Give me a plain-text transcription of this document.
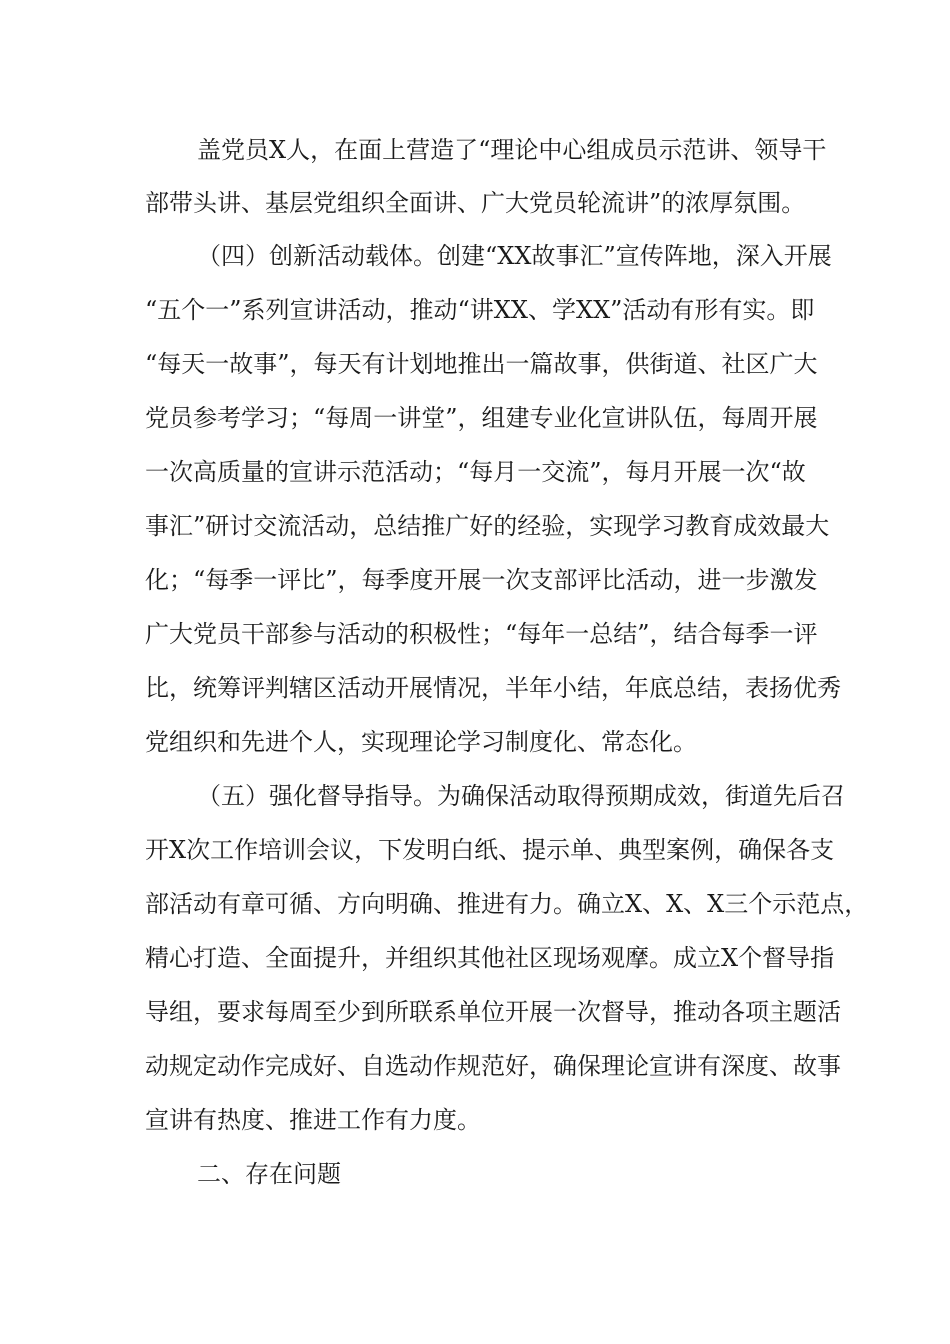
盖党员X人，在面上营造了“理论中心组成员示范讲、领导干
部带头讲、基层党组织全面讲、广大党员轮流讲”的浓厚氛围。
（四）创新活动载体。创建“XX故事汇”宣传阵地，深入开展
“五个一”系列宣讲活动，推动“讲XX、学XX”活动有形有实。即
“每天一故事”，每天有计划地推出一篇故事，供街道、社区广大
党员参考学习；“每周一讲堂”，组建专业化宣讲队伍，每周开展
一次高质量的宣讲示范活动；“每月一交流”，每月开展一次“故
事汇”研讨交流活动，总结推广好的经验，实现学习教育成效最大
化；“每季一评比”，每季度开展一次支部评比活动，进一步激发
广大党员干部参与活动的积极性；“每年一总结”，结合每季一评
比，统筹评判辖区活动开展情况，半年小结，年底总结，表扬优秀
党组织和先进个人，实现理论学习制度化、常态化。
（五）强化督导指导。为确保活动取得预期成效，街道先后召
开X次工作培训会议，下发明白纸、提示单、典型案例，确保各支
部活动有章可循、方向明确、推进有力。确立X、X、X三个示范点，
精心打造、全面提升，并组织其他社区现场观摩。成立X个督导指
导组，要求每周至少到所联系单位开展一次督导，推动各项主题活
动规定动作完成好、自选动作规范好，确保理论宣讲有深度、故事
宣讲有热度、推进工作有力度。
二、存在问题
